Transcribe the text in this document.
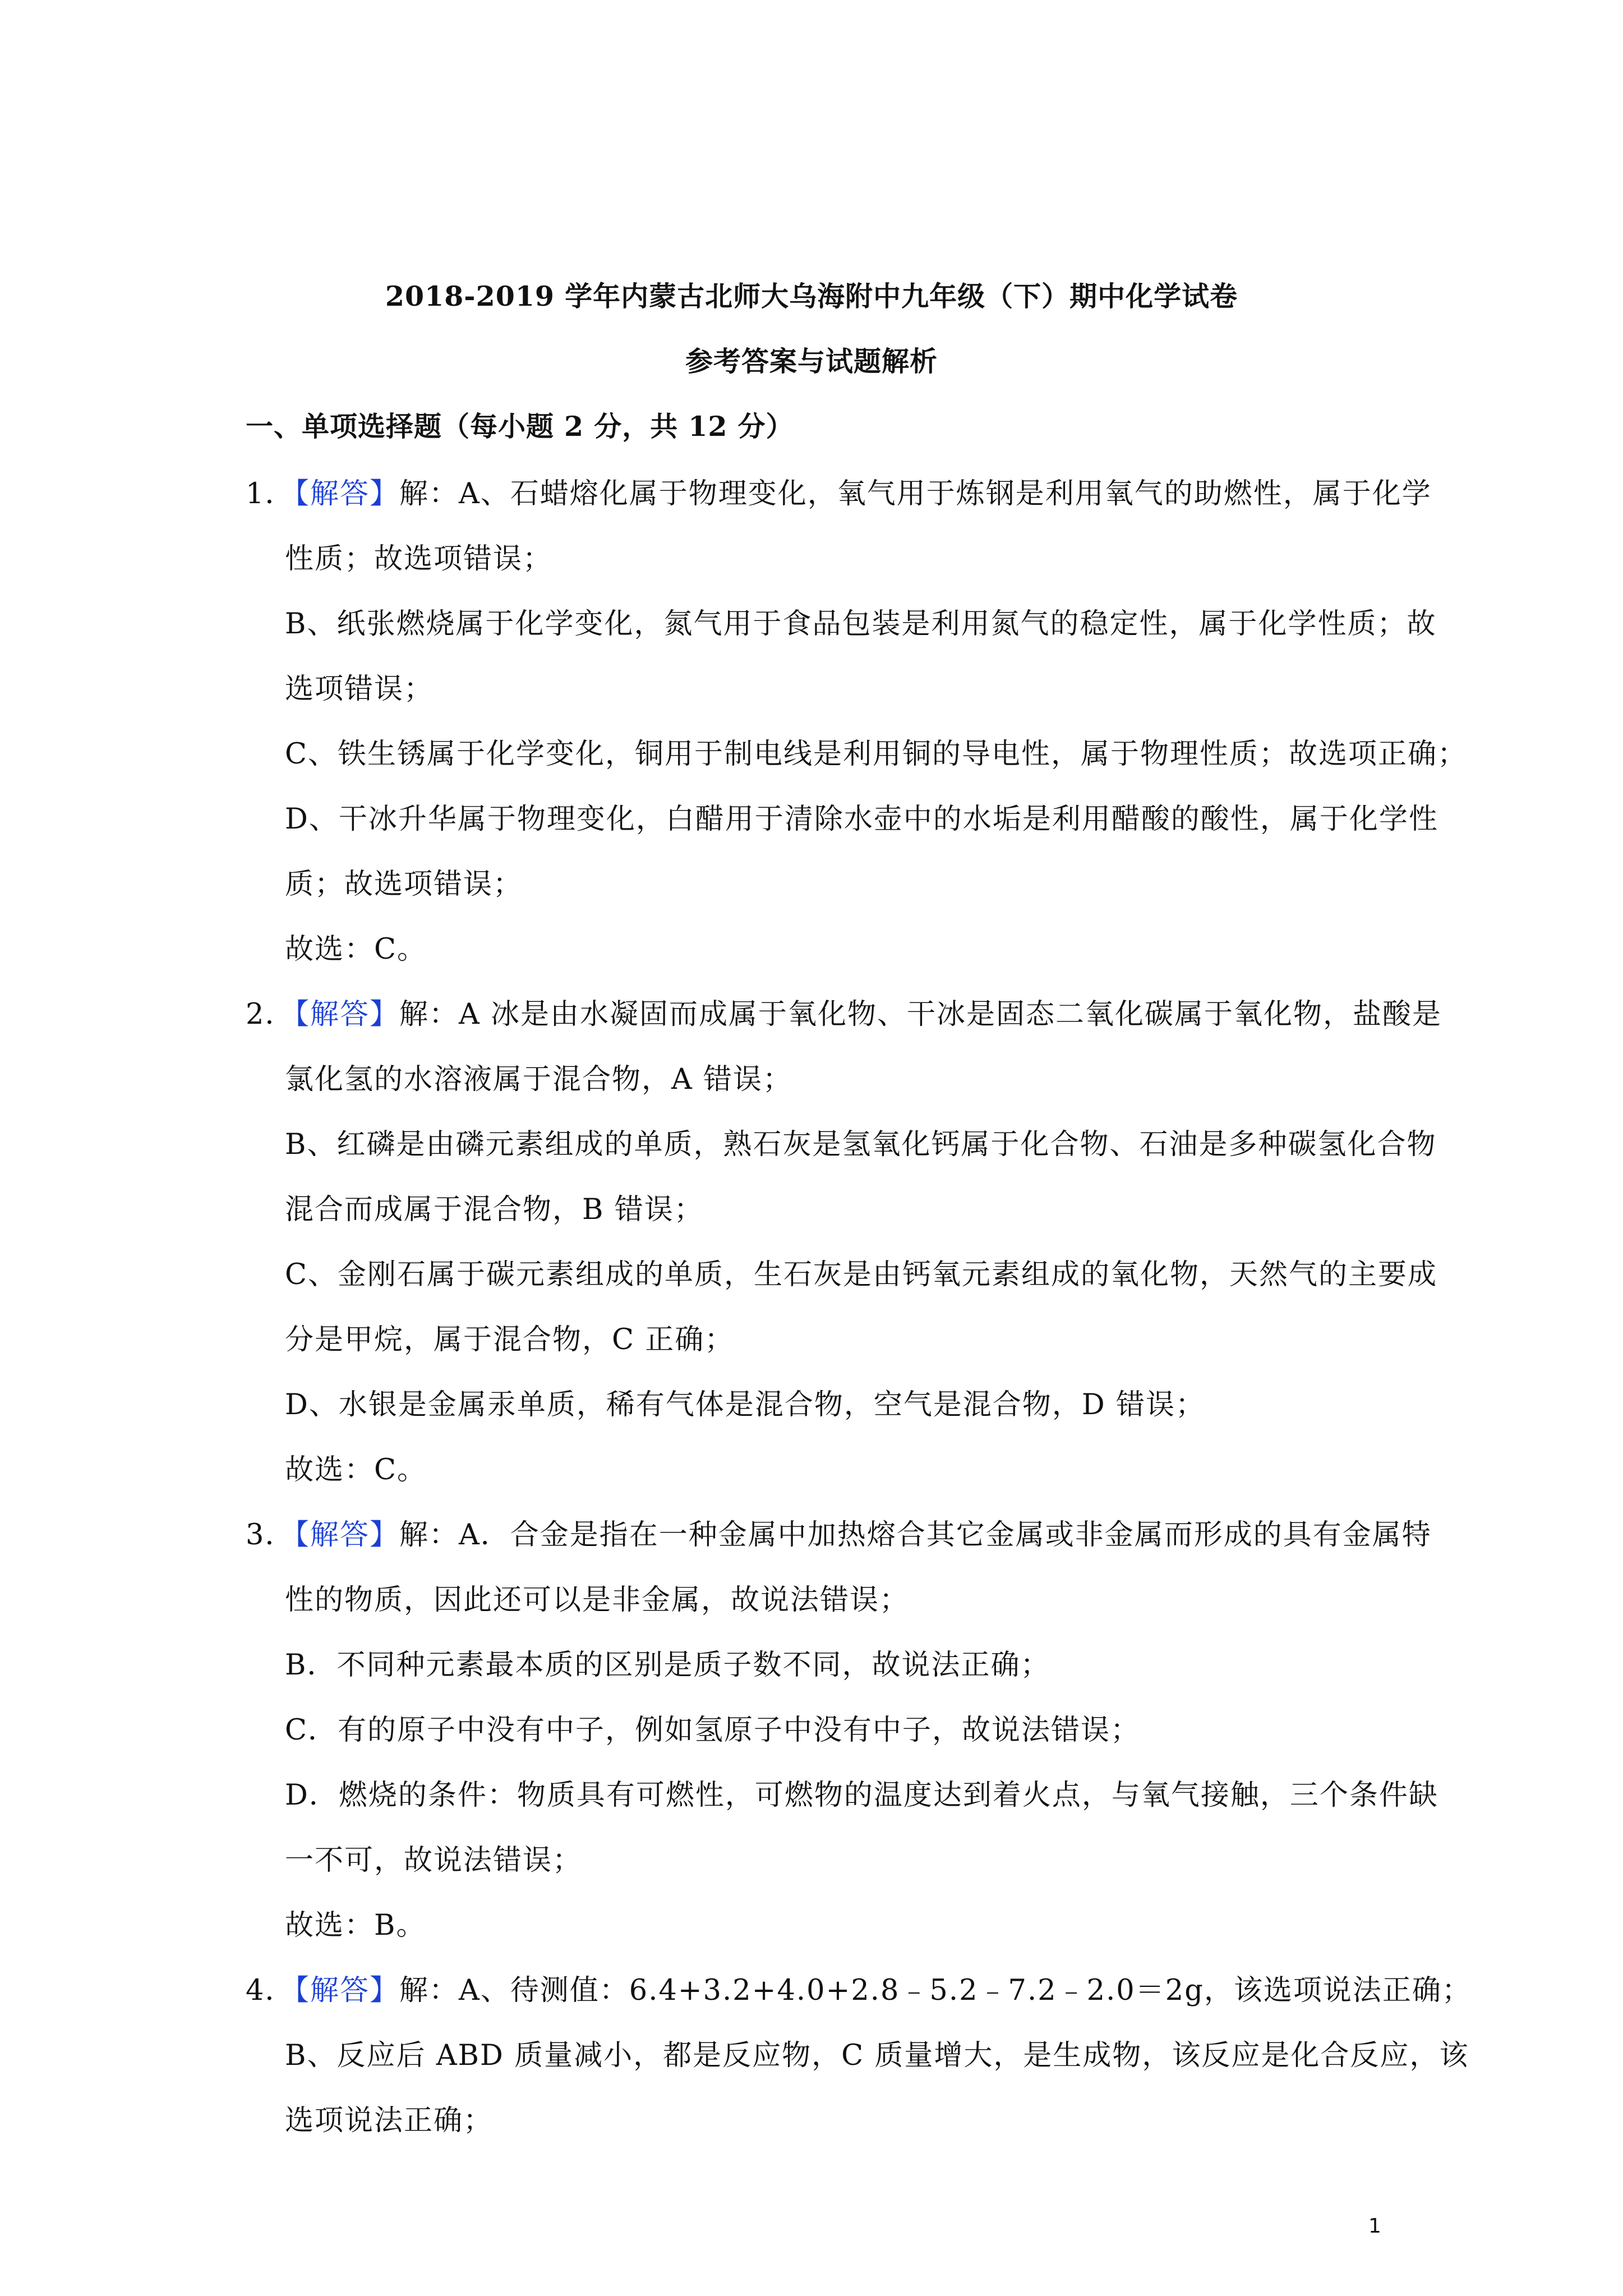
2018-2019 学年内蒙古北师大乌海附中九年级（下）期中化学试卷
参考答案与试题解析
一、单项选择题（每小题 2 分，共 12 分）
1．【解答】解：A、石蜡熔化属于物理变化，氧气用于炼钢是利用氧气的助燃性，属于化学
性质；故选项错误；
B、纸张燃烧属于化学变化，氮气用于食品包装是利用氮气的稳定性，属于化学性质；故
选项错误；
C、铁生锈属于化学变化，铜用于制电线是利用铜的导电性，属于物理性质；故选项正确；
D、干冰升华属于物理变化，白醋用于清除水壶中的水垢是利用醋酸的酸性，属于化学性
质；故选项错误；
故选：C。
2．【解答】解：A 冰是由水凝固而成属于氧化物、干冰是固态二氧化碳属于氧化物，盐酸是
氯化氢的水溶液属于混合物，A 错误；
B、红磷是由磷元素组成的单质，熟石灰是氢氧化钙属于化合物、石油是多种碳氢化合物
混合而成属于混合物，B 错误；
C、金刚石属于碳元素组成的单质，生石灰是由钙氧元素组成的氧化物，天然气的主要成
分是甲烷，属于混合物，C 正确；
D、水银是金属汞单质，稀有气体是混合物，空气是混合物，D 错误；
故选：C。
3．【解答】解：A．合金是指在一种金属中加热熔合其它金属或非金属而形成的具有金属特
性的物质，因此还可以是非金属，故说法错误；
B．不同种元素最本质的区别是质子数不同，故说法正确；
C．有的原子中没有中子，例如氢原子中没有中子，故说法错误；
D．燃烧的条件：物质具有可燃性，可燃物的温度达到着火点，与氧气接触，三个条件缺
一不可，故说法错误；
故选：B。
4．【解答】解：A、待测值：6.4+3.2+4.0+2.8﹣5.2﹣7.2﹣2.0＝2g，该选项说法正确；
B、反应后 ABD 质量减小，都是反应物，C 质量增大，是生成物，该反应是化合反应，该
选项说法正确；
1
